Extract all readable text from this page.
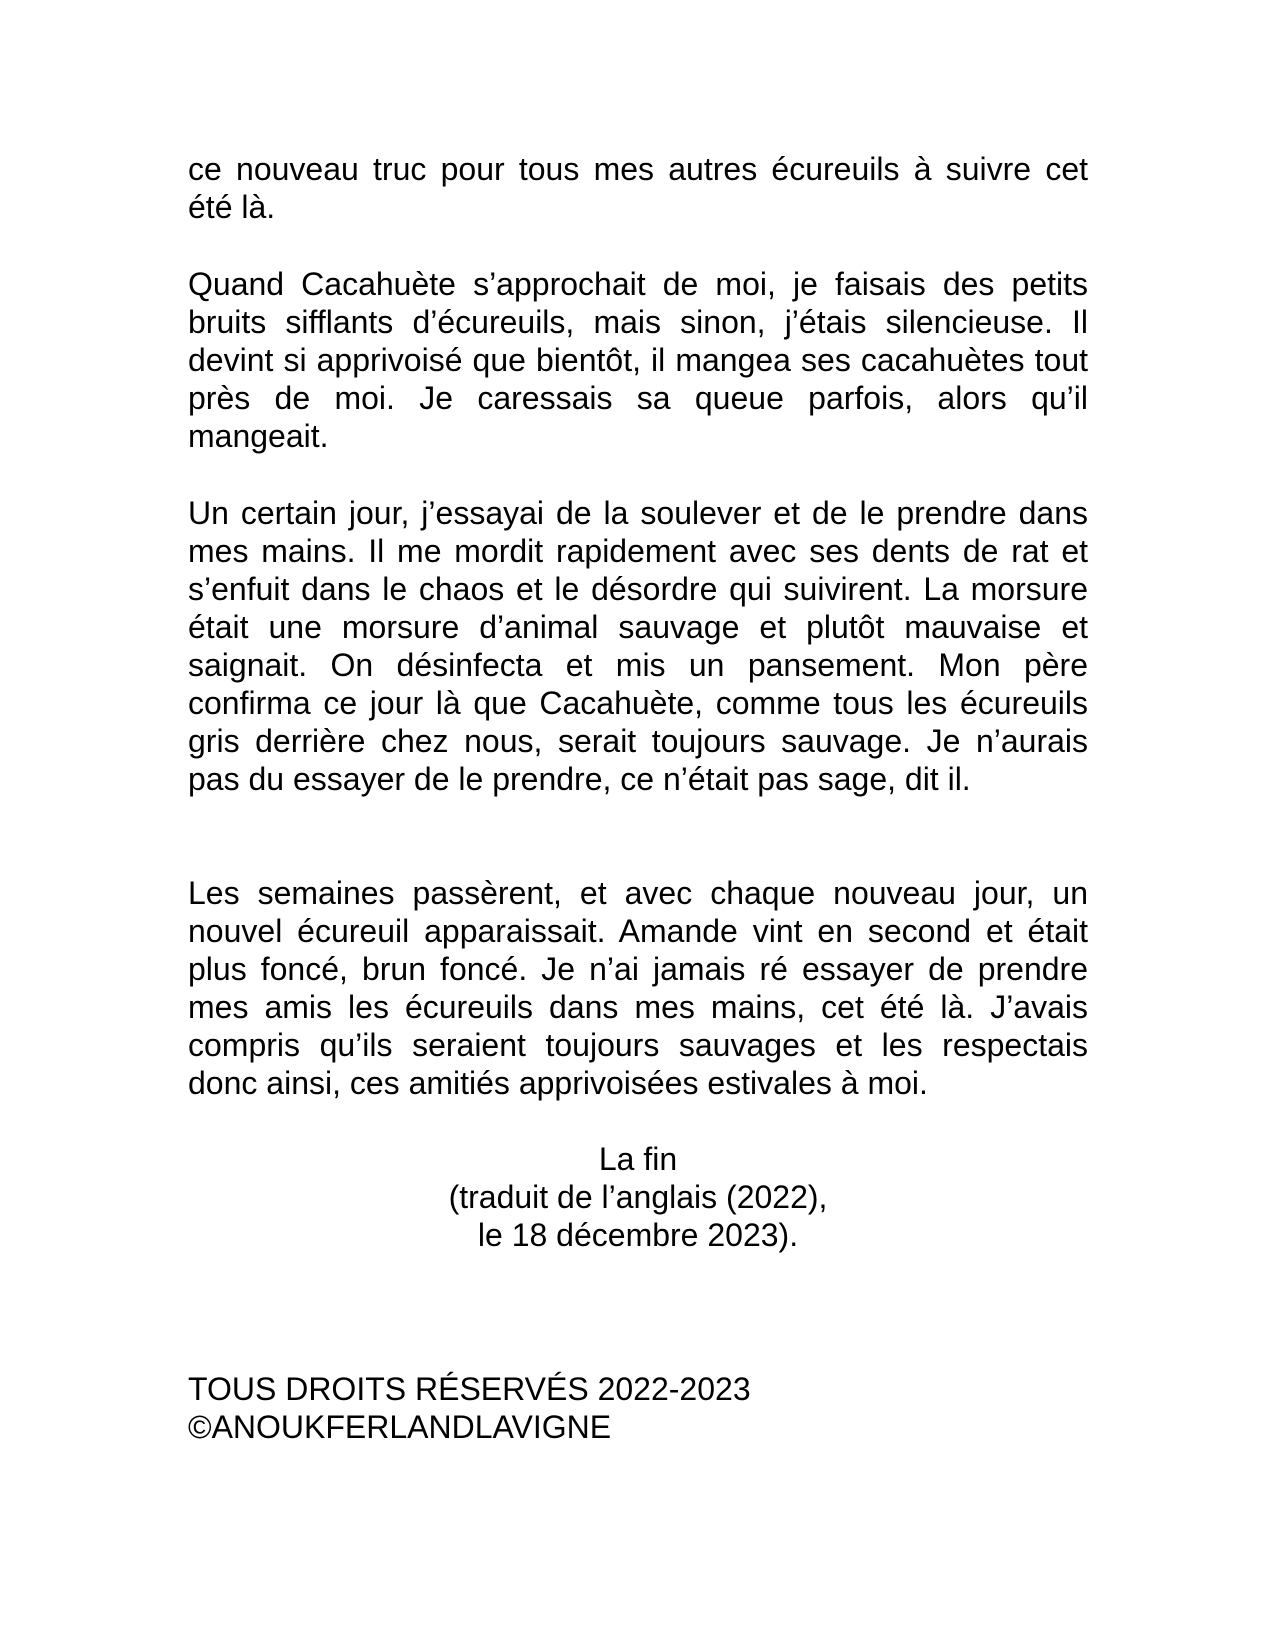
ce nouveau truc pour tous mes autres écureuils à suivre cet été là.

Quand Cacahuète s’approchait de moi, je faisais des petits bruits sifflants d’écureuils, mais sinon, j’étais silencieuse. Il devint si apprivoisé que bientôt, il mangea ses cacahuètes tout près de moi. Je caressais sa queue parfois, alors qu’il mangeait.

Un certain jour, j’essayai de la soulever et de le prendre dans mes mains. Il me mordit rapidement avec ses dents de rat et s’enfuit dans le chaos et le désordre qui suivirent. La morsure était une morsure d’animal sauvage et plutôt mauvaise et saignait. On désinfecta et mis un pansement. Mon père confirma ce jour là que Cacahuète, comme tous les écureuils gris derrière chez nous, serait toujours sauvage. Je n’aurais pas du essayer de le prendre, ce n’était pas sage, dit il.

Les semaines passèrent, et avec chaque nouveau jour, un nouvel écureuil apparaissait. Amande vint en second et était plus foncé, brun foncé. Je n’ai jamais ré essayer de prendre mes amis les écureuils dans mes mains, cet été là. J’avais compris qu’ils seraient toujours sauvages et les respectais donc ainsi, ces amitiés apprivoisées estivales à moi.

La fin
(traduit de l’anglais (2022),
le 18 décembre 2023).
TOUS DROITS RÉSERVÉS 2022-2023
©ANOUKFERLANDLAVIGNE
